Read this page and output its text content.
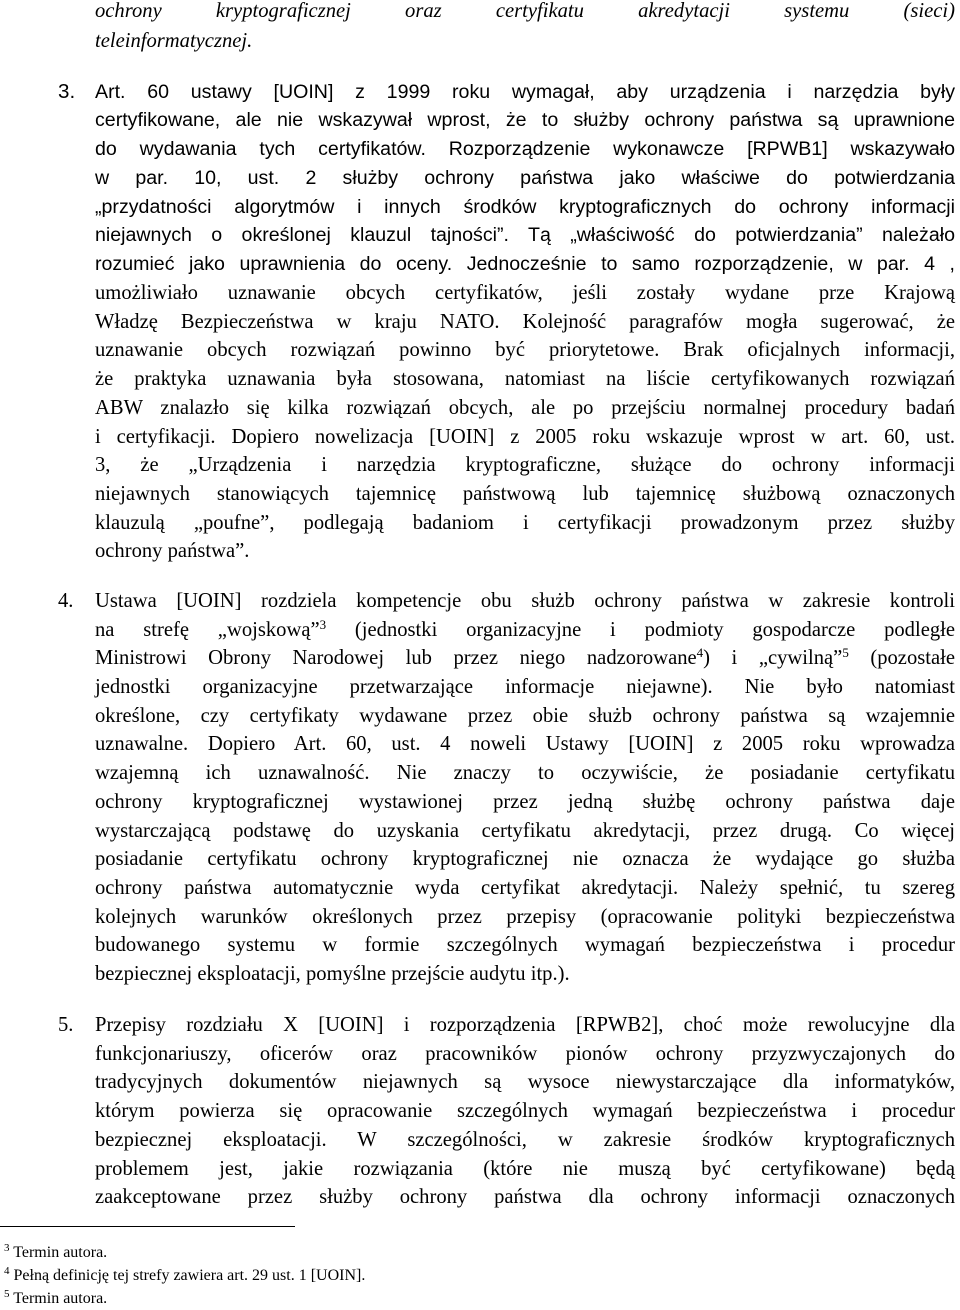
ochrony kryptograficznej oraz certyfikatu akredytacji systemu (sieci)
teleinformatycznej.
3. Art. 60 ustawy [UOIN] z 1999 roku wymagał, aby urządzenia i narzędzia były
certyfikowane, ale nie wskazywał wprost, że to służby ochrony państwa są uprawnione
do wydawania tych certyfikatów. Rozporządzenie wykonawcze [RPWB1] wskazywało
w par. 10, ust. 2 służby ochrony państwa jako właściwe do potwierdzania
„przydatności algorytmów i innych środków kryptograficznych do ochrony informacji
niejawnych o określonej klauzul tajności”. Tą „właściwość do potwierdzania” należało
rozumieć jako uprawnienia do oceny. Jednocześnie to samo rozporządzenie, w par. 4 ,
umożliwiało uznawanie obcych certyfikatów, jeśli zostały wydane prze Krajową
Władzę Bezpieczeństwa w kraju NATO. Kolejność paragrafów mogła sugerować, że
uznawanie obcych rozwiązań powinno być priorytetowe. Brak oficjalnych informacji,
że praktyka uznawania była stosowana, natomiast na liście certyfikowanych rozwiązań
ABW znalazło się kilka rozwiązań obcych, ale po przejściu normalnej procedury badań
i certyfikacji. Dopiero nowelizacja [UOIN] z 2005 roku wskazuje wprost w art. 60, ust.
3, że „Urządzenia i narzędzia kryptograficzne, służące do ochrony informacji
niejawnych stanowiących tajemnicę państwową lub tajemnicę służbową oznaczonych
klauzulą „poufne”, podlegają badaniom i certyfikacji prowadzonym przez służby
ochrony państwa”.
4. Ustawa [UOIN] rozdziela kompetencje obu służb ochrony państwa w zakresie kontroli
na strefę „wojskową”$^3$ (jednostki organizacyjne i podmioty gospodarcze podległe
Ministrowi Obrony Narodowej lub przez niego nadzorowane$^4$) i „cywilną”$^5$ (pozostałe
jednostki organizacyjne przetwarzające informacje niejawne). Nie było natomiast
określone, czy certyfikaty wydawane przez obie służb ochrony państwa są wzajemnie
uznawalne. Dopiero Art. 60, ust. 4 noweli Ustawy [UOIN] z 2005 roku wprowadza
wzajemną ich uznawalność. Nie znaczy to oczywiście, że posiadanie certyfikatu
ochrony kryptograficznej wystawionej przez jedną służbę ochrony państwa daje
wystarczającą podstawę do uzyskania certyfikatu akredytacji, przez drugą. Co więcej
posiadanie certyfikatu ochrony kryptograficznej nie oznacza że wydające go służba
ochrony państwa automatycznie wyda certyfikat akredytacji. Należy spełnić, tu szereg
kolejnych warunków określonych przez przepisy (opracowanie polityki bezpieczeństwa
budowanego systemu w formie szczególnych wymagań bezpieczeństwa i procedur
bezpiecznej eksploatacji, pomyślne przejście audytu itp.).
5. Przepisy rozdziału X [UOIN] i rozporządzenia [RPWB2], choć może rewolucyjne dla
funkcjonariuszy, oficerów oraz pracowników pionów ochrony przyzwyczajonych do
tradycyjnych dokumentów niejawnych są wysoce niewystarczające dla informatyków,
którym powierza się opracowanie szczególnych wymagań bezpieczeństwa i procedur
bezpiecznej eksploatacji. W szczególności, w zakresie środków kryptograficznych
problemem jest, jakie rozwiązania (które nie muszą być certyfikowane) będą
zaakceptowane przez służby ochrony państwa dla ochrony informacji oznaczonych
$^3$ Termin autora.
$^4$ Pełną definicję tej strefy zawiera art. 29 ust. 1 [UOIN].
$^5$ Termin autora.
